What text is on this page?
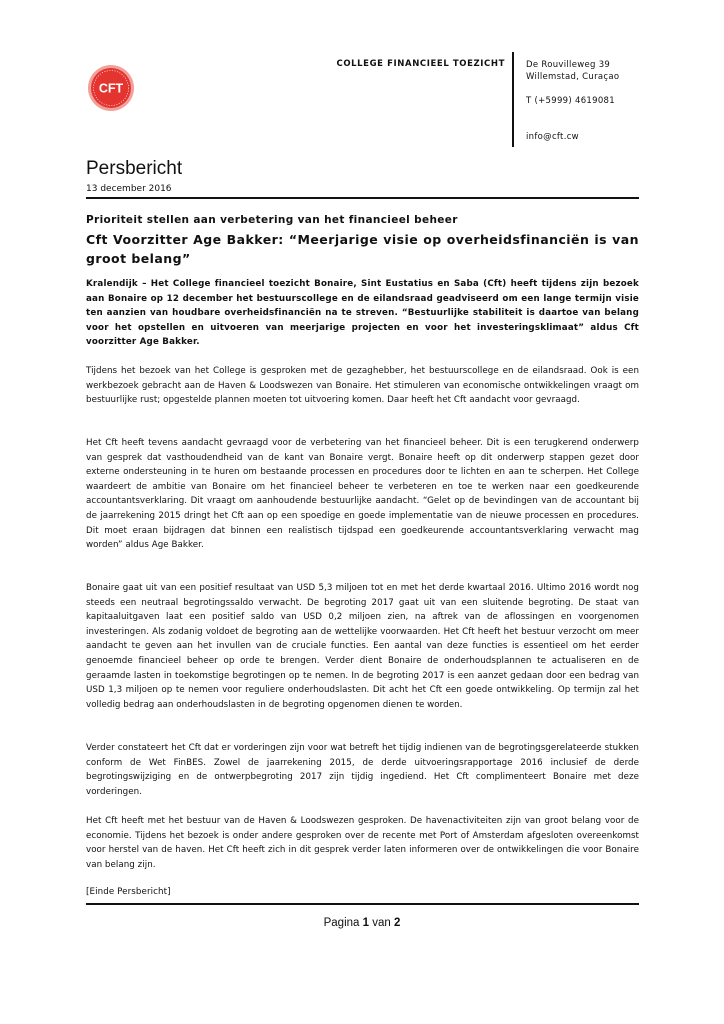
CFT
COLLEGE FINANCIEEL TOEZICHT De Rouvilleweg 39
Willemstad, Curaçao
T (+5999) 4619081
info@cft.cw
Persbericht
13 december 2016
Prioriteit stellen aan verbetering van het financieel beheer
Cft Voorzitter Age Bakker: “Meerjarige visie op overheidsfinanciën is van groot belang”
Kralendijk – Het College financieel toezicht Bonaire, Sint Eustatius en Saba (Cft) heeft tijdens zijn bezoek aan Bonaire op 12 december het bestuurscollege en de eilandsraad geadviseerd om een lange termijn visie ten aanzien van houdbare overheidsfinanciën na te streven. “Bestuurlijke stabiliteit is daartoe van belang voor het opstellen en uitvoeren van meerjarige projecten en voor het investeringsklimaat” aldus Cft voorzitter Age Bakker.
Tijdens het bezoek van het College is gesproken met de gezaghebber, het bestuurscollege en de eilandsraad. Ook is een werkbezoek gebracht aan de Haven & Loodswezen van Bonaire. Het stimuleren van economische ontwikkelingen vraagt om bestuurlijke rust; opgestelde plannen moeten tot uitvoering komen. Daar heeft het Cft aandacht voor gevraagd.
Het Cft heeft tevens aandacht gevraagd voor de verbetering van het financieel beheer. Dit is een terugkerend onderwerp van gesprek dat vasthoudendheid van de kant van Bonaire vergt. Bonaire heeft op dit onderwerp stappen gezet door externe ondersteuning in te huren om bestaande processen en procedures door te lichten en aan te scherpen. Het College waardeert de ambitie van Bonaire om het financieel beheer te verbeteren en toe te werken naar een goedkeurende accountantsverklaring. Dit vraagt om aanhoudende bestuurlijke aandacht. “Gelet op de bevindingen van de accountant bij de jaarrekening 2015 dringt het Cft aan op een spoedige en goede implementatie van de nieuwe processen en procedures. Dit moet eraan bijdragen dat binnen een realistisch tijdspad een goedkeurende accountantsverklaring verwacht mag worden” aldus Age Bakker.
Bonaire gaat uit van een positief resultaat van USD 5,3 miljoen tot en met het derde kwartaal 2016. Ultimo 2016 wordt nog steeds een neutraal begrotingssaldo verwacht. De begroting 2017 gaat uit van een sluitende begroting. De staat van kapitaaluitgaven laat een positief saldo van USD 0,2 miljoen zien, na aftrek van de aflossingen en voorgenomen investeringen. Als zodanig voldoet de begroting aan de wettelijke voorwaarden. Het Cft heeft het bestuur verzocht om meer aandacht te geven aan het invullen van de cruciale functies. Een aantal van deze functies is essentieel om het eerder genoemde financieel beheer op orde te brengen. Verder dient Bonaire de onderhoudsplannen te actualiseren en de geraamde lasten in toekomstige begrotingen op te nemen. In de begroting 2017 is een aanzet gedaan door een bedrag van USD 1,3 miljoen op te nemen voor reguliere onderhoudslasten. Dit acht het Cft een goede ontwikkeling. Op termijn zal het volledig bedrag aan onderhoudslasten in de begroting opgenomen dienen te worden.
Verder constateert het Cft dat er vorderingen zijn voor wat betreft het tijdig indienen van de begrotingsgerelateerde stukken conform de Wet FinBES. Zowel de jaarrekening 2015, de derde uitvoeringsrapportage 2016 inclusief de derde begrotingswijziging en de ontwerpbegroting 2017 zijn tijdig ingediend. Het Cft complimenteert Bonaire met deze vorderingen.
Het Cft heeft met het bestuur van de Haven & Loodswezen gesproken. De havenactiviteiten zijn van groot belang voor de economie. Tijdens het bezoek is onder andere gesproken over de recente met Port of Amsterdam afgesloten overeenkomst voor herstel van de haven. Het Cft heeft zich in dit gesprek verder laten informeren over de ontwikkelingen die voor Bonaire van belang zijn.
[Einde Persbericht]
Pagina 1 van 2
